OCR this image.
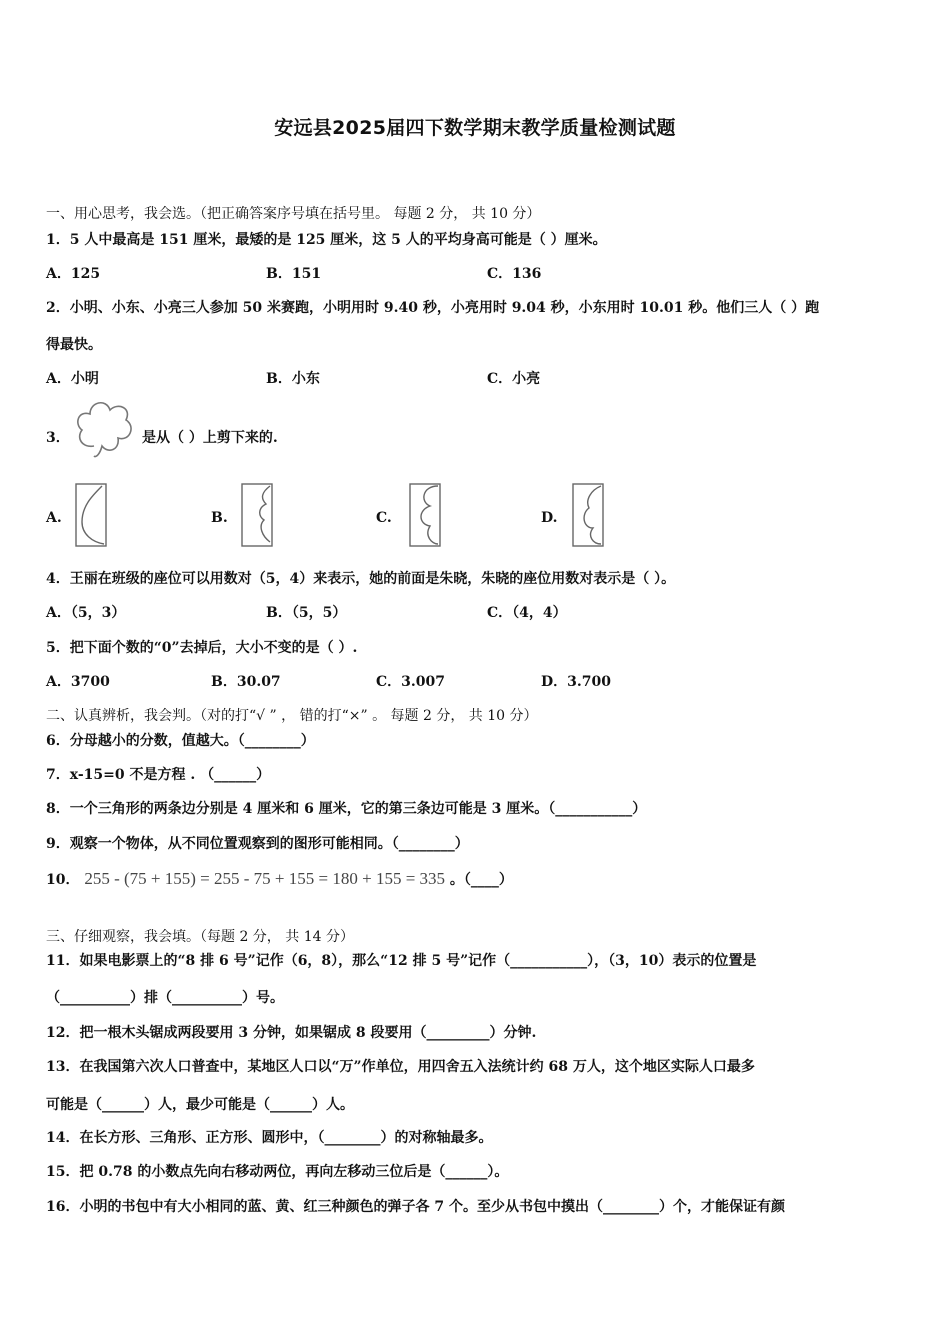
安远县2025届四下数学期末教学质量检测试题
一、用心思考，我会选。（把正确答案序号填在括号里。 每题 2 分， 共 10 分）
1．5 人中最高是 151 厘米，最矮的是 125 厘米，这 5 人的平均身高可能是（ ）厘米。
A．125	B．151	C．136
2．小明、小东、小亮三人参加 50 米赛跑，小明用时 9.40 秒，小亮用时 9.04 秒，小东用时 10.01 秒。他们三人（ ）跑
得最快。
A．小明	B．小东	C．小亮
3．	是从（ ）上剪下来的.
A.	B.	C.	D.
4．王丽在班级的座位可以用数对（5，4）来表示，她的前面是朱晓，朱晓的座位用数对表示是（ ）。
A．（5，3）	B．（5，5）	C．（4，4）
5．把下面个数的“0”去掉后，大小不变的是（ ）.
A．3700	B．30.07	C．3.007	D．3.700
二、认真辨析，我会判。（对的打“√ ” ， 错的打“×” 。 每题 2 分， 共 10 分）
6．分母越小的分数，值越大。（________）
7．x-15=0 不是方程 . （______）
8．一个三角形的两条边分别是 4 厘米和 6 厘米，它的第三条边可能是 3 厘米。（___________）
9．观察一个物体，从不同位置观察到的图形可能相同。（________）
10． 255 - (75 + 155) = 255 - 75 + 155 = 180 + 155 = 335 。（____）
三、仔细观察，我会填。（每题 2 分， 共 14 分）
11．如果电影票上的“8 排 6 号”记作（6，8），那么“12 排 5 号”记作（___________），（3，10）表示的位置是
（__________）排（__________）号。
12．把一根木头锯成两段要用 3 分钟，如果锯成 8 段要用（_________）分钟.
13．在我国第六次人口普查中，某地区人口以“万”作单位，用四舍五入法统计约 68 万人，这个地区实际人口最多
可能是（______）人，最少可能是（______）人。
14．在长方形、三角形、正方形、圆形中，（________）的对称轴最多。
15．把 0.78 的小数点先向右移动两位，再向左移动三位后是（______）。
16．小明的书包中有大小相同的蓝、黄、红三种颜色的弹子各 7 个。至少从书包中摸出（________）个，才能保证有颜
